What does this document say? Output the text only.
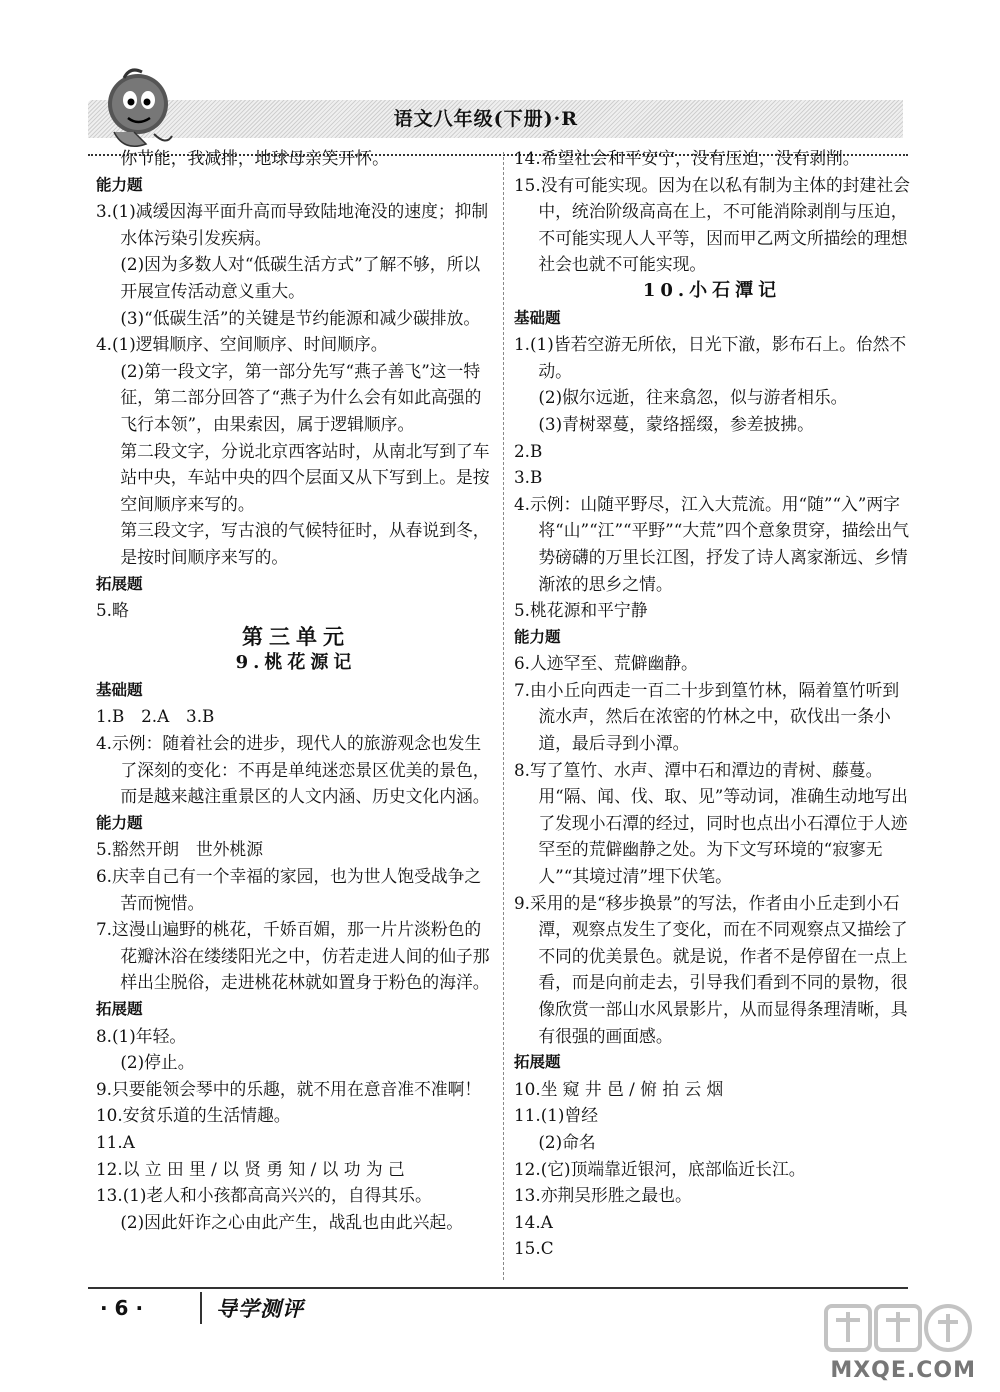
语文八年级(下册)·R
你节能，我减排，地球母亲笑开怀。
能力题
3.(1)减缓因海平面升高而导致陆地淹没的速度；抑制水体污染引发疾病。
(2)因为多数人对“低碳生活方式”了解不够，所以开展宣传活动意义重大。
(3)“低碳生活”的关键是节约能源和减少碳排放。
4.(1)逻辑顺序、空间顺序、时间顺序。
(2)第一段文字，第一部分先写“燕子善飞”这一特征，第二部分回答了“燕子为什么会有如此高强的飞行本领”，由果索因，属于逻辑顺序。
第二段文字，分说北京西客站时，从南北写到了车站中央，车站中央的四个层面又从下写到上。是按空间顺序来写的。
第三段文字，写古浪的气候特征时，从春说到冬，是按时间顺序来写的。
拓展题
5.略
第三单元
9.桃花源记
基础题
1.B　2.A　3.B
4.示例：随着社会的进步，现代人的旅游观念也发生了深刻的变化：不再是单纯迷恋景区优美的景色，而是越来越注重景区的人文内涵、历史文化内涵。
能力题
5.豁然开朗　世外桃源
6.庆幸自己有一个幸福的家园，也为世人饱受战争之苦而惋惜。
7.这漫山遍野的桃花，千娇百媚，那一片片淡粉色的花瓣沐浴在缕缕阳光之中，仿若走进人间的仙子那样出尘脱俗，走进桃花林就如置身于粉色的海洋。
拓展题
8.(1)年轻。
(2)停止。
9.只要能领会琴中的乐趣，就不用在意音准不准啊！
10.安贫乐道的生活情趣。
11.A
12.以 立 田 里 / 以 贤 勇 知 / 以 功 为 己
13.(1)老人和小孩都高高兴兴的，自得其乐。
(2)因此奸诈之心由此产生，战乱也由此兴起。
14.希望社会和平安宁，没有压迫，没有剥削。
15.没有可能实现。因为在以私有制为主体的封建社会中，统治阶级高高在上，不可能消除剥削与压迫，不可能实现人人平等，因而甲乙两文所描绘的理想社会也就不可能实现。
10.小石潭记
基础题
1.(1)皆若空游无所依，日光下澈，影布石上。佁然不动。
(2)俶尔远逝，往来翕忽，似与游者相乐。
(3)青树翠蔓，蒙络摇缀，参差披拂。
2.B
3.B
4.示例：山随平野尽，江入大荒流。用“随”“入”两字将“山”“江”“平野”“大荒”四个意象贯穿，描绘出气势磅礴的万里长江图，抒发了诗人离家渐远、乡情渐浓的思乡之情。
5.桃花源和平宁静
能力题
6.人迹罕至、荒僻幽静。
7.由小丘向西走一百二十步到篁竹林，隔着篁竹听到流水声，然后在浓密的竹林之中，砍伐出一条小道，最后寻到小潭。
8.写了篁竹、水声、潭中石和潭边的青树、藤蔓。用“隔、闻、伐、取、见”等动词，准确生动地写出了发现小石潭的经过，同时也点出小石潭位于人迹罕至的荒僻幽静之处。为下文写环境的“寂寥无人”“其境过清”埋下伏笔。
9.采用的是“移步换景”的写法，作者由小丘走到小石潭，观察点发生了变化，而在不同观察点又描绘了不同的优美景色。就是说，作者不是停留在一点上看，而是向前走去，引导我们看到不同的景物，很像欣赏一部山水风景影片，从而显得条理清晰，具有很强的画面感。
拓展题
10.坐 窥 井 邑 / 俯 拍 云 烟
11.(1)曾经
(2)命名
12.(它)顶端靠近银河，底部临近长江。
13.亦荆吴形胜之最也。
14.A
15.C
· 6 ·	导学测评
MXQE.COM
